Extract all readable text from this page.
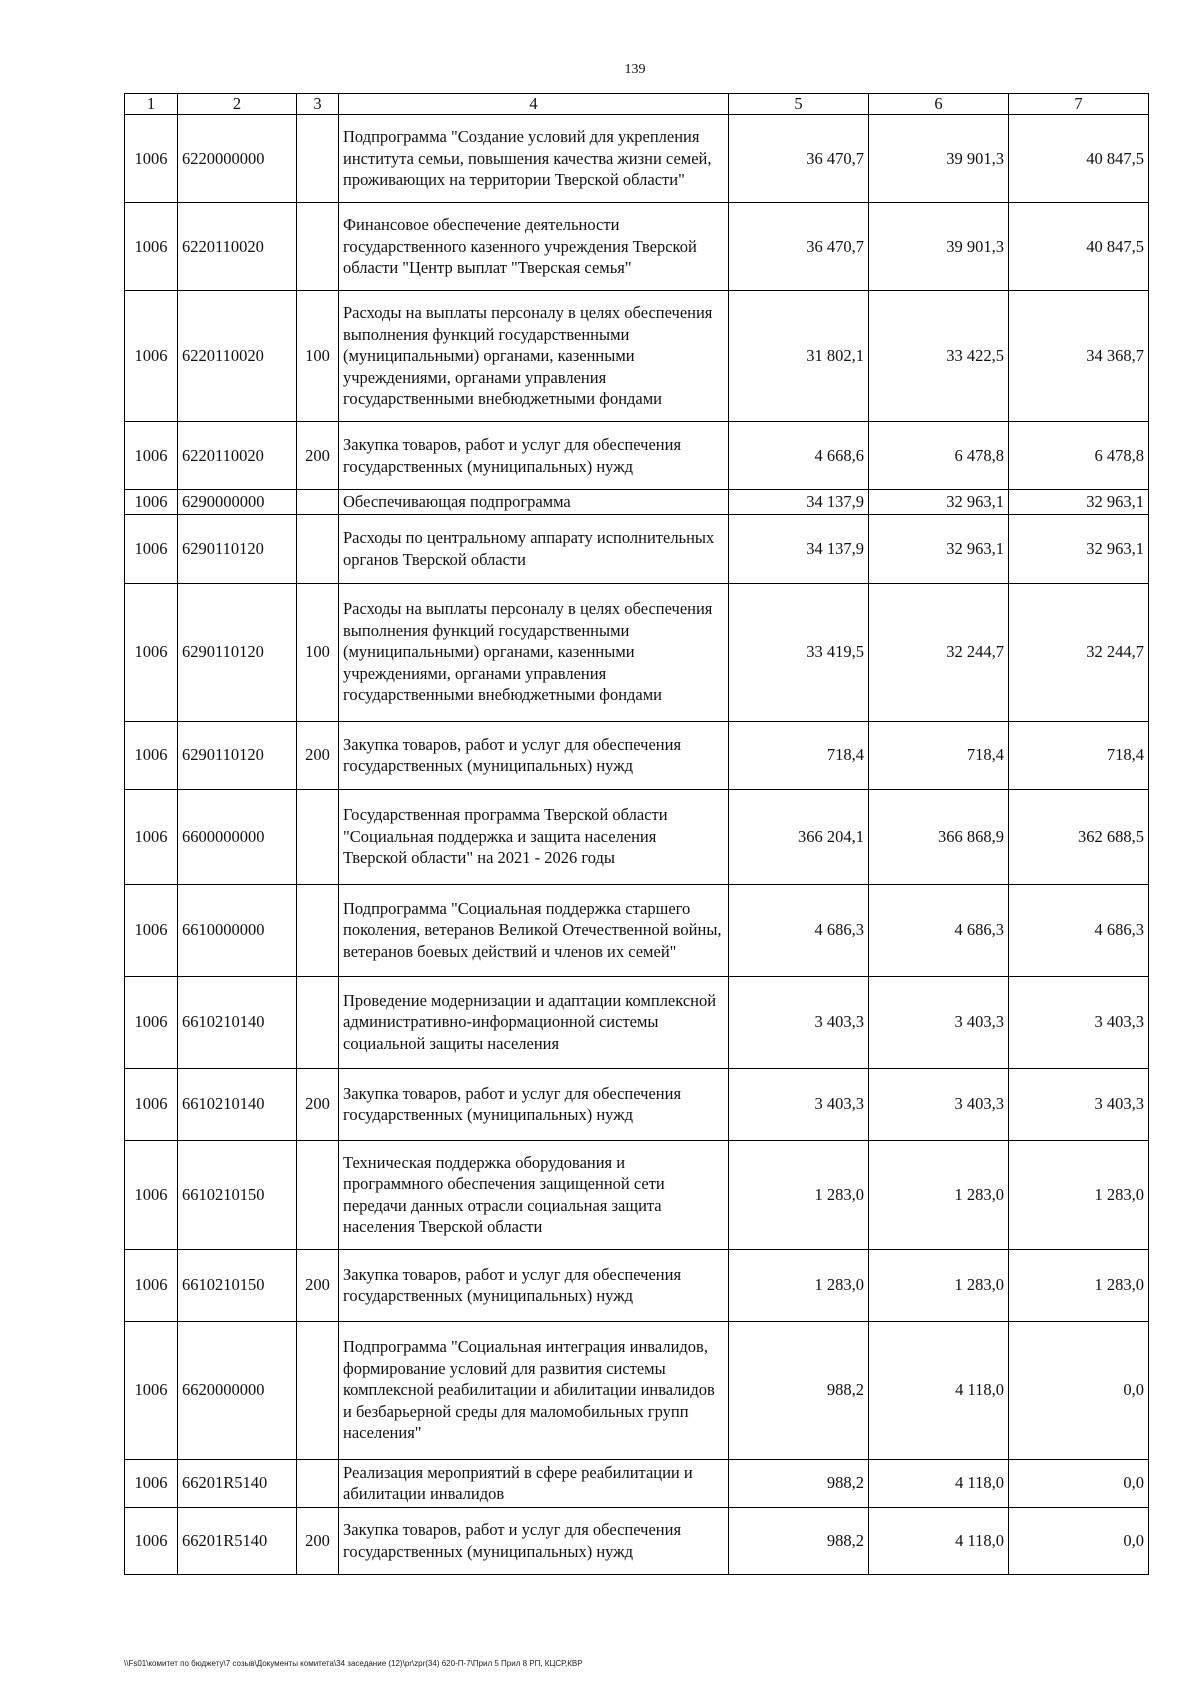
139
1	2	3	4	5	6	7
1006	6220000000		Подпрограмма "Создание условий для укрепления института семьи, повышения качества жизни семей, проживающих на территории Тверской области"	36 470,7	39 901,3	40 847,5
1006	6220110020		Финансовое обеспечение деятельности государственного казенного учреждения Тверской области "Центр выплат "Тверская семья"	36 470,7	39 901,3	40 847,5
1006	6220110020	100	Расходы на выплаты персоналу в целях обеспечения выполнения функций государственными (муниципальными) органами, казенными учреждениями, органами управления государственными внебюджетными фондами	31 802,1	33 422,5	34 368,7
1006	6220110020	200	Закупка товаров, работ и услуг для обеспечения государственных (муниципальных) нужд	4 668,6	6 478,8	6 478,8
1006	6290000000		Обеспечивающая подпрограмма	34 137,9	32 963,1	32 963,1
1006	6290110120		Расходы по центральному аппарату исполнительных органов Тверской области	34 137,9	32 963,1	32 963,1
1006	6290110120	100	Расходы на выплаты персоналу в целях обеспечения выполнения функций государственными (муниципальными) органами, казенными учреждениями, органами управления государственными внебюджетными фондами	33 419,5	32 244,7	32 244,7
1006	6290110120	200	Закупка товаров, работ и услуг для обеспечения государственных (муниципальных) нужд	718,4	718,4	718,4
1006	6600000000		Государственная программа Тверской области "Социальная поддержка и защита населения Тверской области" на 2021 - 2026 годы	366 204,1	366 868,9	362 688,5
1006	6610000000		Подпрограмма "Социальная поддержка старшего поколения, ветеранов Великой Отечественной войны, ветеранов боевых действий и членов их семей"	4 686,3	4 686,3	4 686,3
1006	6610210140		Проведение модернизации и адаптации комплексной административно-информационной системы социальной защиты населения	3 403,3	3 403,3	3 403,3
1006	6610210140	200	Закупка товаров, работ и услуг для обеспечения государственных (муниципальных) нужд	3 403,3	3 403,3	3 403,3
1006	6610210150		Техническая поддержка оборудования и программного обеспечения защищенной сети передачи данных отрасли социальная защита населения Тверской области	1 283,0	1 283,0	1 283,0
1006	6610210150	200	Закупка товаров, работ и услуг для обеспечения государственных (муниципальных) нужд	1 283,0	1 283,0	1 283,0
1006	6620000000		Подпрограмма "Социальная интеграция инвалидов, формирование условий для развития системы комплексной реабилитации и абилитации инвалидов и безбарьерной среды для маломобильных групп населения"	988,2	4 118,0	0,0
1006	66201R5140		Реализация мероприятий в сфере реабилитации и абилитации инвалидов	988,2	4 118,0	0,0
1006	66201R5140	200	Закупка товаров, работ и услуг для обеспечения государственных (муниципальных) нужд	988,2	4 118,0	0,0
\\Fs01\комитет по бюджету\7 созыв\Документы комитета\34 заседание (12)\pr\zpr(34) 620-П-7\Прил 5 Прил 8 РП, КЦСР,КВР
